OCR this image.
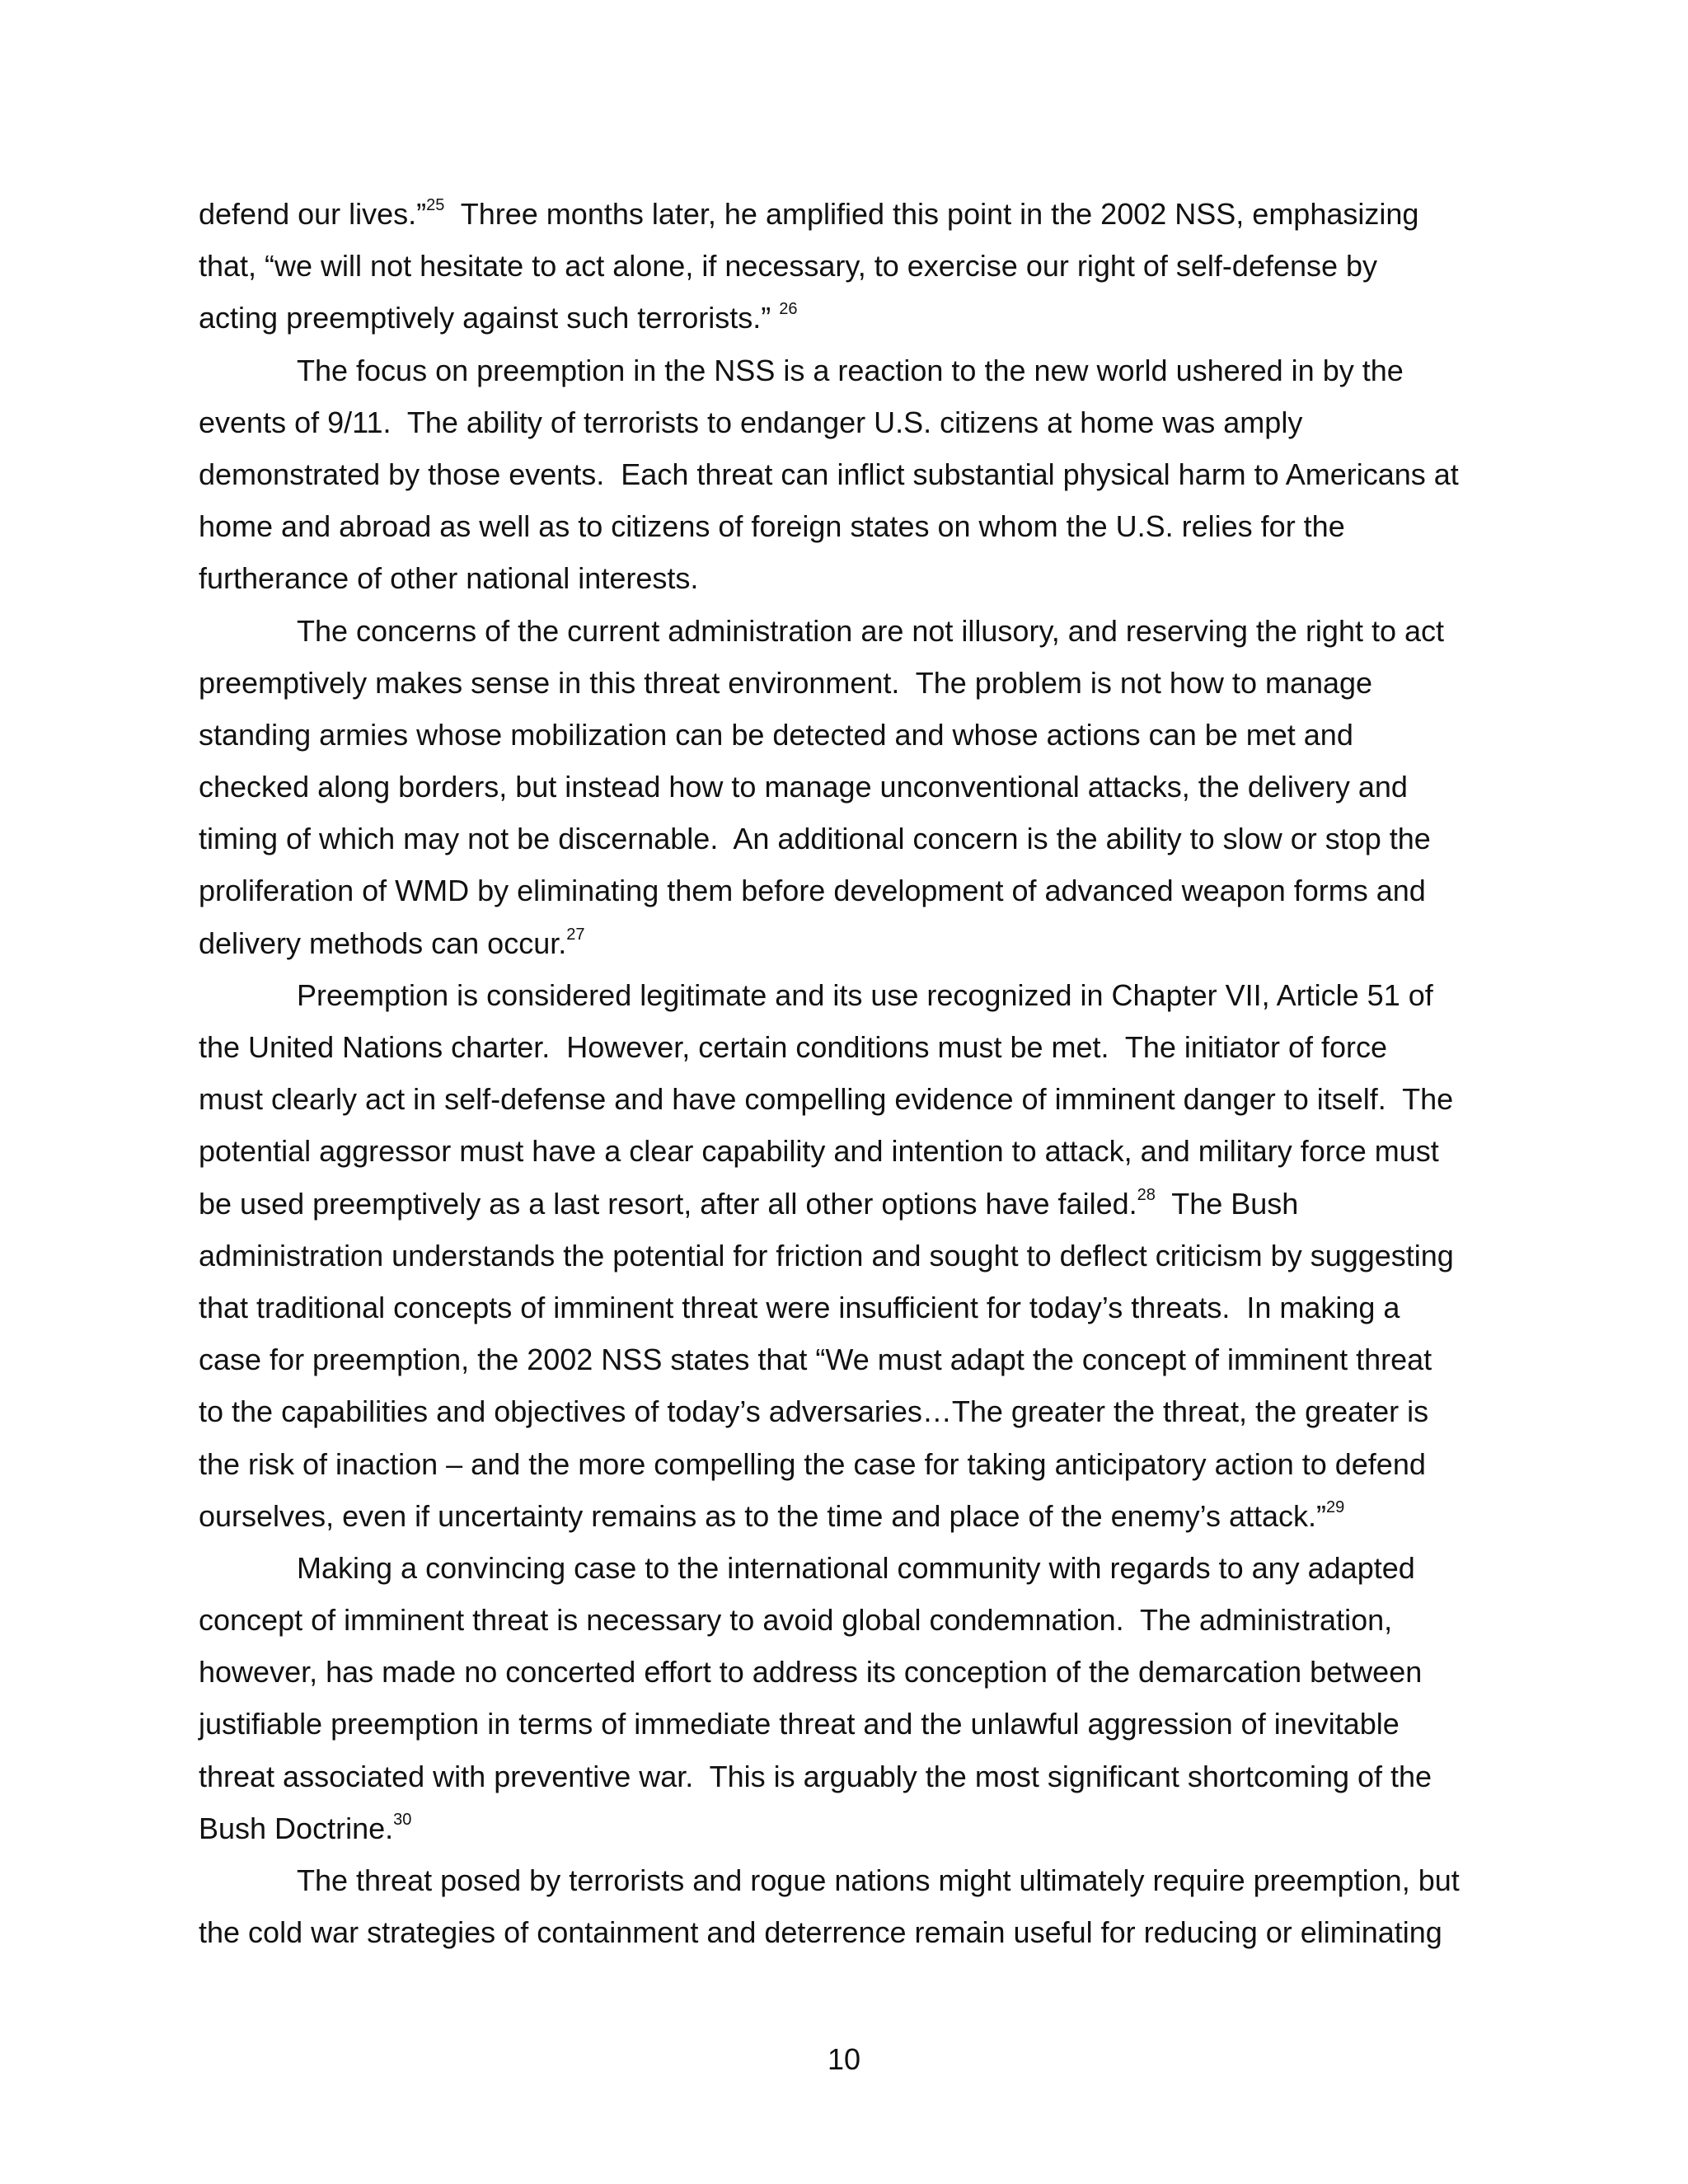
defend our lives.”$^{25}$  Three months later, he amplified this point in the 2002 NSS, emphasizing
that, “we will not hesitate to act alone, if necessary, to exercise our right of self-defense by
acting preemptively against such terrorists.” $^{26}$
The focus on preemption in the NSS is a reaction to the new world ushered in by the
events of 9/11.  The ability of terrorists to endanger U.S. citizens at home was amply
demonstrated by those events.  Each threat can inflict substantial physical harm to Americans at
home and abroad as well as to citizens of foreign states on whom the U.S. relies for the
furtherance of other national interests.
The concerns of the current administration are not illusory, and reserving the right to act
preemptively makes sense in this threat environment.  The problem is not how to manage
standing armies whose mobilization can be detected and whose actions can be met and
checked along borders, but instead how to manage unconventional attacks, the delivery and
timing of which may not be discernable.  An additional concern is the ability to slow or stop the
proliferation of WMD by eliminating them before development of advanced weapon forms and
delivery methods can occur.$^{27}$
Preemption is considered legitimate and its use recognized in Chapter VII, Article 51 of
the United Nations charter.  However, certain conditions must be met.  The initiator of force
must clearly act in self-defense and have compelling evidence of imminent danger to itself.  The
potential aggressor must have a clear capability and intention to attack, and military force must
be used preemptively as a last resort, after all other options have failed.$^{28}$  The Bush
administration understands the potential for friction and sought to deflect criticism by suggesting
that traditional concepts of imminent threat were insufficient for today’s threats.  In making a
case for preemption, the 2002 NSS states that “We must adapt the concept of imminent threat
to the capabilities and objectives of today’s adversaries…The greater the threat, the greater is
the risk of inaction – and the more compelling the case for taking anticipatory action to defend
ourselves, even if uncertainty remains as to the time and place of the enemy’s attack.”$^{29}$
Making a convincing case to the international community with regards to any adapted
concept of imminent threat is necessary to avoid global condemnation.  The administration,
however, has made no concerted effort to address its conception of the demarcation between
justifiable preemption in terms of immediate threat and the unlawful aggression of inevitable
threat associated with preventive war.  This is arguably the most significant shortcoming of the
Bush Doctrine.$^{30}$
The threat posed by terrorists and rogue nations might ultimately require preemption, but
the cold war strategies of containment and deterrence remain useful for reducing or eliminating
10
